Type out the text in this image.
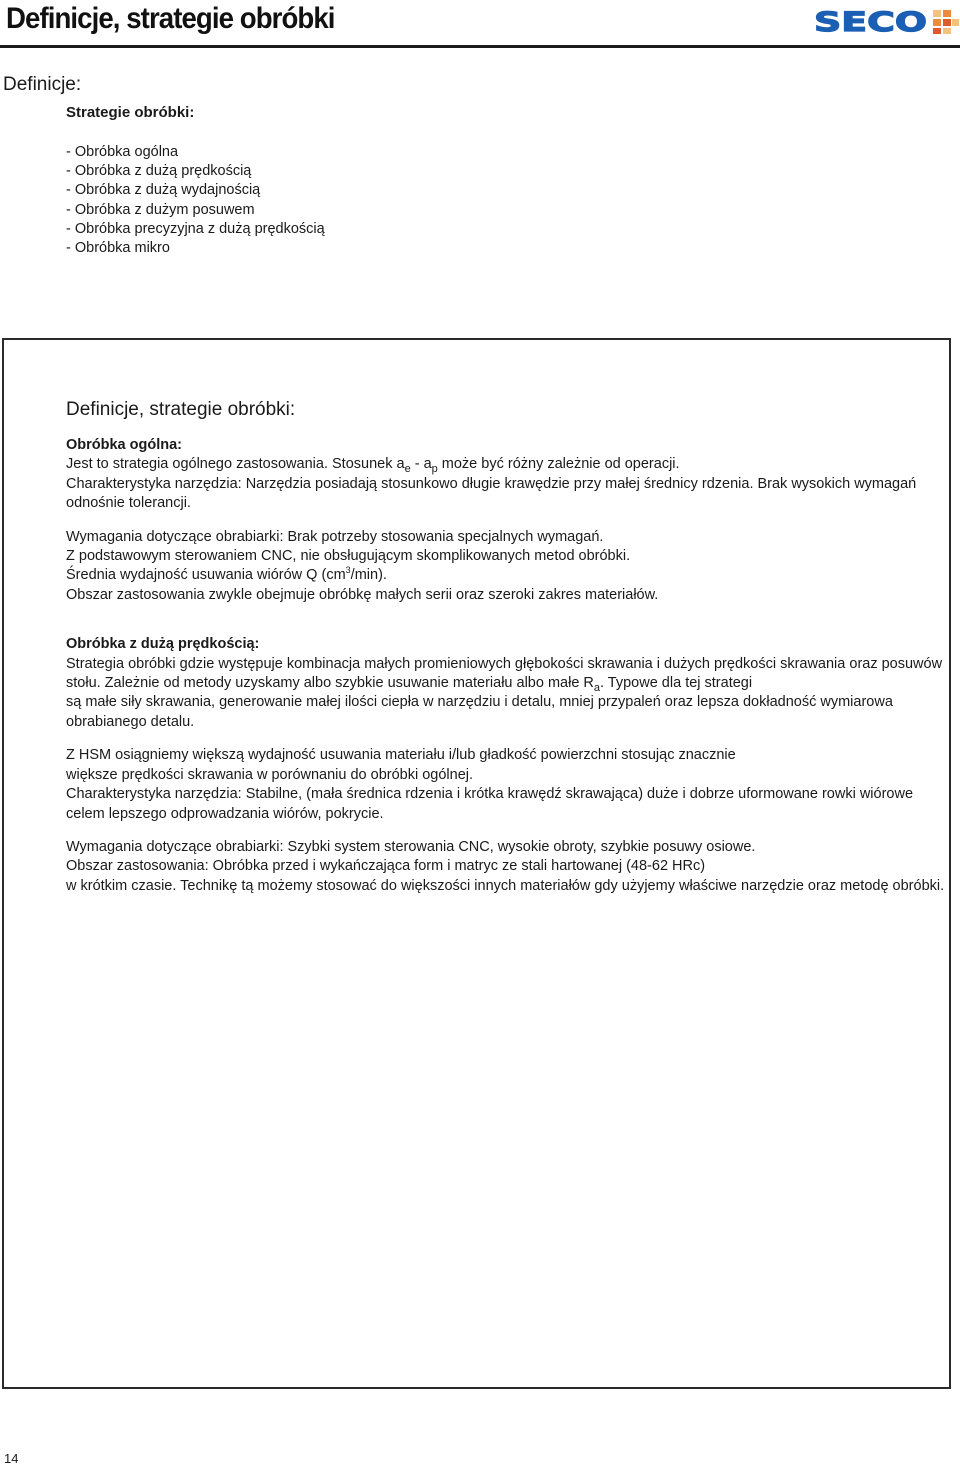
Definicje, strategie obróbki	SECO
Definicje:
Strategie obróbki:
- Obróbka ogólna
- Obróbka z dużą prędkością
- Obróbka z dużą wydajnością
- Obróbka z dużym posuwem
- Obróbka precyzyjna z dużą prędkością
- Obróbka mikro
Definicje, strategie obróbki:

Obróbka ogólna:

Jest to strategia ogólnego zastosowania. Stosunek $a_e - a_p$ może być różny zależnie od operacji.

Charakterystyka narzędzia: Narzędzia posiadają stosunkowo długie krawędzie przy małej średnicy rdzenia. Brak wysokich wymagań odnośnie tolerancji.

Wymagania dotyczące obrabiarki: Brak potrzeby stosowania specjalnych wymagań.

Z podstawowym sterowaniem CNC, nie obsługującym skomplikowanych metod obróbki.

Średnia wydajność usuwania wiórów Q $(cm^3/\min)$.

Obszar zastosowania zwykle obejmuje obróbkę małych serii oraz szeroki zakres materiałów.

Obróbka z dużą prędkością:

Strategia obróbki gdzie występuje kombinacja małych promieniowych głębokości skrawania i dużych prędkości skrawania oraz posuwów stołu. Zależnie od metody uzyskamy albo szybkie usuwanie materiału albo małe $R_a$. Typowe dla tej strategi

są małe siły skrawania, generowanie małej ilości ciepła w narzędziu i detalu, mniej przypaleń oraz lepsza dokładność wymiarowa obrabianego detalu.

Z HSM osiągniemy większą wydajność usuwania materiału i/lub gładkość powierzchni stosując znacznie

większe prędkości skrawania w porównaniu do obróbki ogólnej.

Charakterystyka narzędzia: Stabilne, (mała średnica rdzenia i krótka krawędź skrawająca) duże i dobrze uformowane rowki wiórowe celem lepszego odprowadzania wiórów, pokrycie.

Wymagania dotyczące obrabiarki: Szybki system sterowania CNC, wysokie obroty, szybkie posuwy osiowe.

Obszar zastosowania: Obróbka przed i wykańczająca form i matryc ze stali hartowanej (48-62 HRc)

w krótkim czasie. Technikę tą możemy stosować do większości innych materiałów gdy użyjemy właściwe narzędzie oraz metodę obróbki.

14
